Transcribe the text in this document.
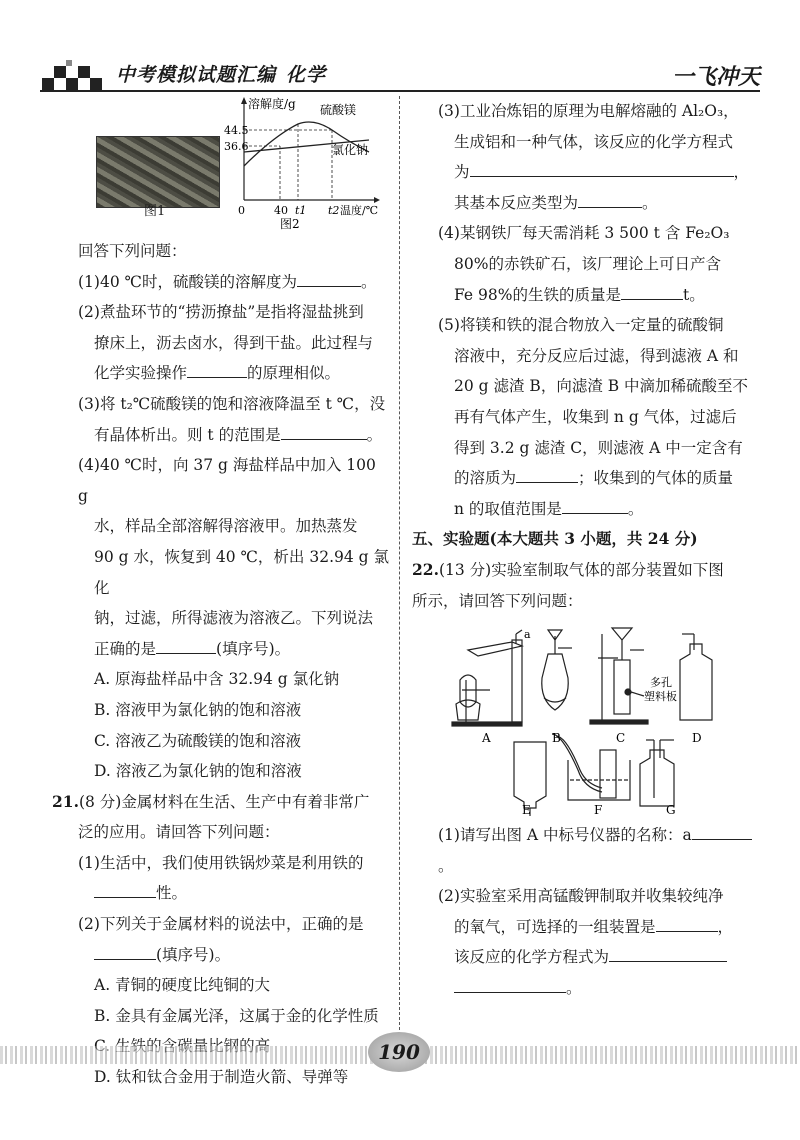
中考模拟试题汇编 化学	一飞冲天
图1
溶解度/g
44.5
36.6
硫酸镁
氯化钠
0	40 t1 t2 温度/℃
图2

回答下列问题：

(1)40 ℃时，硫酸镁的溶解度为	。

(2)煮盐环节的“捞沥撩盐”是指将湿盐挑到

撩床上，沥去卤水，得到干盐。此过程与

化学实验操作	的原理相似。

(3)将 t₂℃硫酸镁的饱和溶液降温至 t ℃，没

有晶体析出。则 t 的范围是	。

(4)40 ℃时，向 37 g 海盐样品中加入 100 g

水，样品全部溶解得溶液甲。加热蒸发

90 g 水，恢复到 40 ℃，析出 32.94 g 氯化

钠，过滤，所得滤液为溶液乙。下列说法

正确的是	(填序号)。

A. 原海盐样品中含 32.94 g 氯化钠

B. 溶液甲为氯化钠的饱和溶液

C. 溶液乙为硫酸镁的饱和溶液

D. 溶液乙为氯化钠的饱和溶液

21.(8 分)金属材料在生活、生产中有着非常广

泛的应用。请回答下列问题：

(1)生活中，我们使用铁锅炒菜是利用铁的

性。

(2)下列关于金属材料的说法中，正确的是

(填序号)。

A. 青铜的硬度比纯铜的大

B. 金具有金属光泽，这属于金的化学性质

D. 钛和钛合金用于制造火箭、导弹等

(3)工业冶炼铝的原理为电解熔融的 Al₂O₃，

生成铝和一种气体，该反应的化学方程式

为	，

其基本反应类型为	。

(4)某钢铁厂每天需消耗 3 500 t 含 Fe₂O₃

80%的赤铁矿石，该厂理论上可日产含

Fe 98%的生铁的质量是	t。

(5)将镁和铁的混合物放入一定量的硫酸铜

溶液中，充分反应后过滤，得到滤液 A 和

20 g 滤渣 B，向滤渣 B 中滴加稀硫酸至不

再有气体产生，收集到 n g 气体，过滤后

得到 3.2 g 滤渣 C，则滤液 A 中一定含有

的溶质为	；收集到的气体的质量

n 的取值范围是	。

五、实验题(本大题共 3 小题，共 24 分)

22.(13 分)实验室制取气体的部分装置如下图

所示，请回答下列问题：

a
多孔
塑料板
A	B	C	D
E	F	G

(1)请写出图 A 中标号仪器的名称：a。

(2)实验室采用高锰酸钾制取并收集较纯净

的氧气，可选择的一组装置是	，

该反应的化学方程式为

。

190
